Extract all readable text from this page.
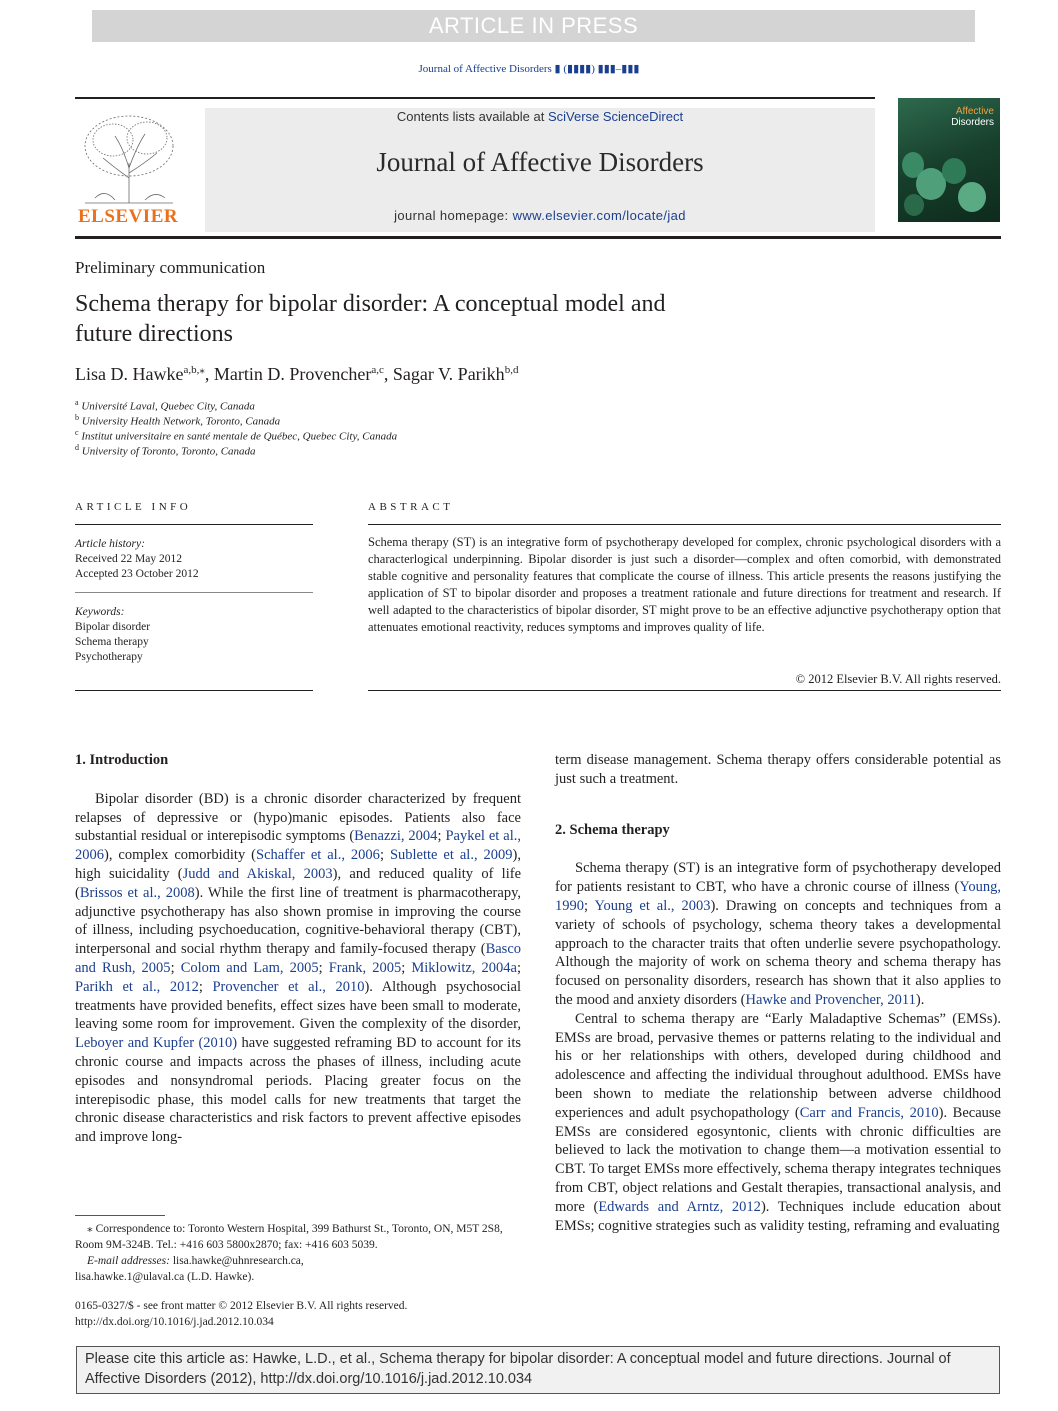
ARTICLE IN PRESS
Journal of Affective Disorders ▮ (▮▮▮▮) ▮▮▮–▮▮▮
ELSEVIER
Contents lists available at SciVerse ScienceDirect
Journal of Affective Disorders
journal homepage: www.elsevier.com/locate/jad
Affective
Disorders
Preliminary communication
Schema therapy for bipolar disorder: A conceptual model and
future directions
Lisa D. Hawke$^{a,b,⁎}$, Martin D. Provencher$^{a,c}$, Sagar V. Parikh$^{b,d}$
$^a$ Université Laval, Quebec City, Canada
$^b$ University Health Network, Toronto, Canada
$^c$ Institut universitaire en santé mentale de Québec, Quebec City, Canada
$^d$ University of Toronto, Toronto, Canada
ARTICLE INFO
Article history:
Received 22 May 2012
Accepted 23 October 2012
Keywords:
Bipolar disorder
Schema therapy
Psychotherapy
ABSTRACT
Schema therapy (ST) is an integrative form of psychotherapy developed for complex, chronic psychological disorders with a characterlogical underpinning. Bipolar disorder is just such a disorder—complex and often comorbid, with demonstrated stable cognitive and personality features that complicate the course of illness. This article presents the reasons justifying the application of ST to bipolar disorder and proposes a treatment rationale and future directions for treatment and research. If well adapted to the characteristics of bipolar disorder, ST might prove to be an effective adjunctive psychotherapy option that attenuates emotional reactivity, reduces symptoms and improves quality of life.
© 2012 Elsevier B.V. All rights reserved.
1. Introduction

Bipolar disorder (BD) is a chronic disorder characterized by frequent relapses of depressive or (hypo)manic episodes. Patients also face substantial residual or interepisodic symptoms (Benazzi, 2004; Paykel et al., 2006), complex comorbidity (Schaffer et al., 2006; Sublette et al., 2009), high suicidality (Judd and Akiskal, 2003), and reduced quality of life (Brissos et al., 2008). While the first line of treatment is pharmacotherapy, adjunctive psychotherapy has also shown promise in improving the course of illness, including psychoeducation, cognitive-behavioral therapy (CBT), interpersonal and social rhythm therapy and family-focused therapy (Basco and Rush, 2005; Colom and Lam, 2005; Frank, 2005; Miklowitz, 2004a; Parikh et al., 2012; Provencher et al., 2010). Although psychosocial treatments have provided benefits, effect sizes have been small to moderate, leaving some room for improvement. Given the complexity of the disorder, Leboyer and Kupfer (2010) have suggested reframing BD to account for its chronic course and impacts across the phases of illness, including acute episodes and nonsyndromal periods. Placing greater focus on the interepisodic phase, this model calls for new treatments that target the chronic disease characteristics and risk factors to prevent affective episodes and improve long-

⁎ Correspondence to: Toronto Western Hospital, 399 Bathurst St., Toronto, ON, M5T 2S8, Room 9M-324B. Tel.: +416 603 5800x2870; fax: +416 603 5039.
E-mail addresses: lisa.hawke@uhnresearch.ca,
lisa.hawke.1@ulaval.ca (L.D. Hawke).
0165-0327/$ - see front matter © 2012 Elsevier B.V. All rights reserved.
http://dx.doi.org/10.1016/j.jad.2012.10.034

term disease management. Schema therapy offers considerable potential as just such a treatment.

2. Schema therapy

Schema therapy (ST) is an integrative form of psychotherapy developed for patients resistant to CBT, who have a chronic course of illness (Young, 1990; Young et al., 2003). Drawing on concepts and techniques from a variety of schools of psychology, schema theory takes a developmental approach to the character traits that often underlie severe psychopathology. Although the majority of work on schema theory and schema therapy has focused on personality disorders, research has shown that it also applies to the mood and anxiety disorders (Hawke and Provencher, 2011).

Central to schema therapy are “Early Maladaptive Schemas” (EMSs). EMSs are broad, pervasive themes or patterns relating to the individual and his or her relationships with others, developed during childhood and adolescence and affecting the individual throughout adulthood. EMSs have been shown to mediate the relationship between adverse childhood experiences and adult psychopathology (Carr and Francis, 2010). Because EMSs are considered egosyntonic, clients with chronic difficulties are believed to lack the motivation to change them—a motivation essential to CBT. To target EMSs more effectively, schema therapy integrates techniques from CBT, object relations and Gestalt therapies, transactional analysis, and more (Edwards and Arntz, 2012). Techniques include education about EMSs; cognitive strategies such as validity testing, reframing and evaluating

Please cite this article as: Hawke, L.D., et al., Schema therapy for bipolar disorder: A conceptual model and future directions. Journal of Affective Disorders (2012), http://dx.doi.org/10.1016/j.jad.2012.10.034
